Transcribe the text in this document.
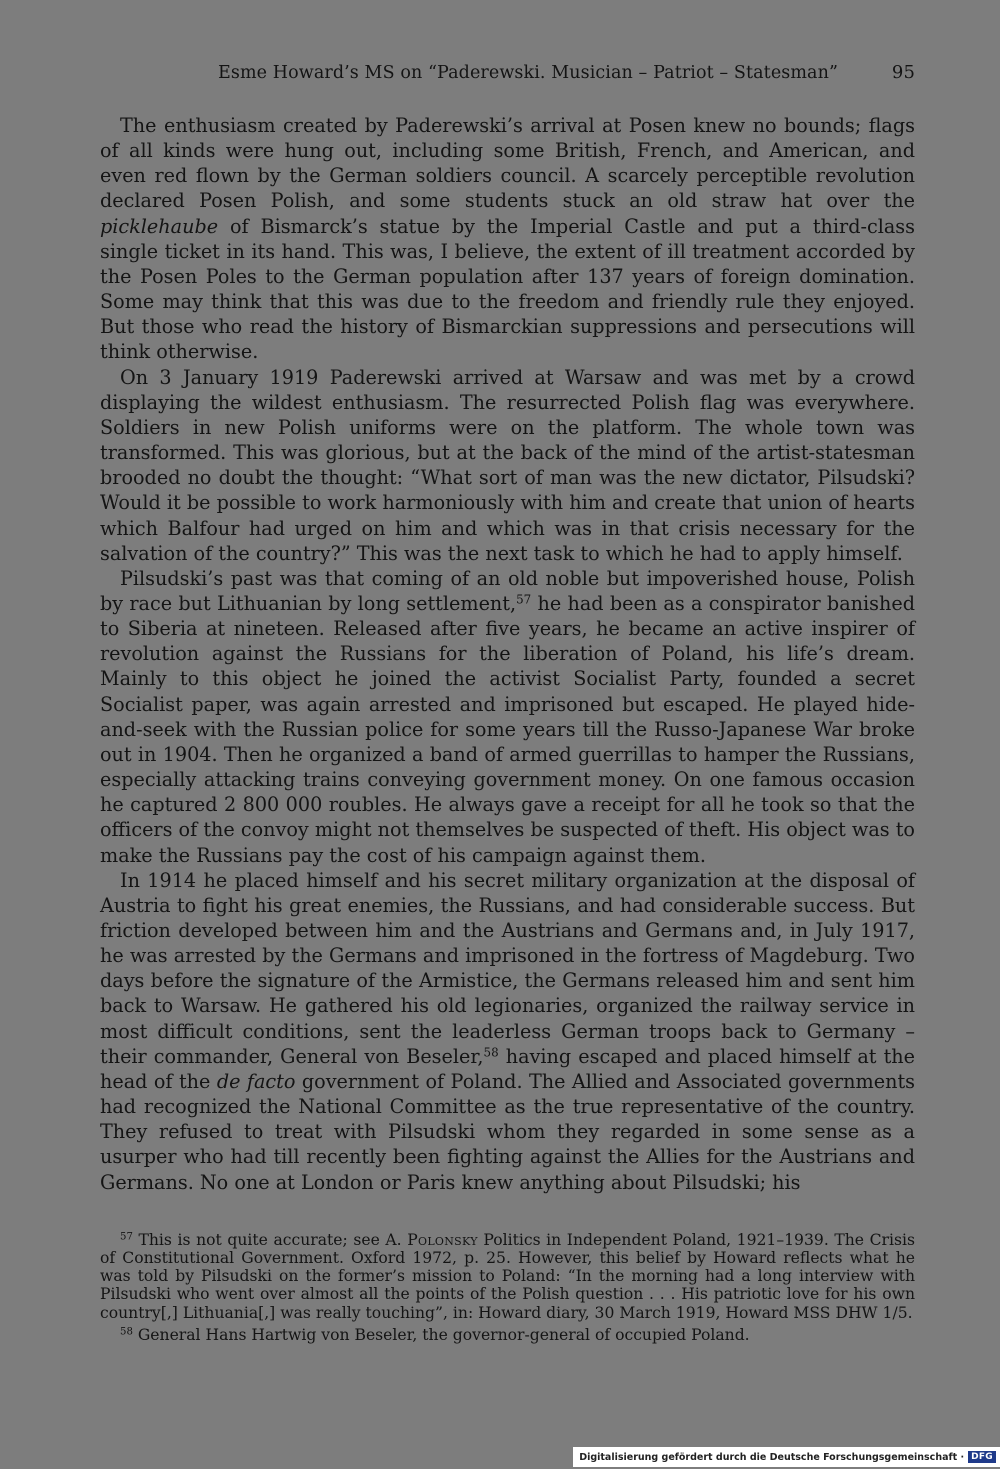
Esme Howard’s MS on “Paderewski. Musician – Patriot – Statesman”	95

The enthusiasm created by Paderewski’s arrival at Posen knew no bounds; flags of all kinds were hung out, including some British, French, and American, and even red flown by the German soldiers council. A scarcely perceptible revolution declared Posen Polish, and some students stuck an old straw hat over the picklehaube of Bismarck’s statue by the Imperial Castle and put a third-class single ticket in its hand. This was, I believe, the extent of ill treatment accorded by the Posen Poles to the German population after 137 years of foreign domination. Some may think that this was due to the freedom and friendly rule they enjoyed. But those who read the history of Bismarckian suppressions and persecutions will think otherwise.

On 3 January 1919 Paderewski arrived at Warsaw and was met by a crowd displaying the wildest enthusiasm. The resurrected Polish flag was everywhere. Soldiers in new Polish uniforms were on the platform. The whole town was transformed. This was glorious, but at the back of the mind of the artist-statesman brooded no doubt the thought: “What sort of man was the new dictator, Pilsudski? Would it be possible to work harmoniously with him and create that union of hearts which Balfour had urged on him and which was in that crisis necessary for the salvation of the country?” This was the next task to which he had to apply himself.

Pilsudski’s past was that coming of an old noble but impoverished house, Polish by race but Lithuanian by long settlement,$^{57}$ he had been as a conspirator banished to Siberia at nineteen. Released after five years, he became an active inspirer of revolution against the Russians for the liberation of Poland, his life’s dream. Mainly to this object he joined the activist Socialist Party, founded a secret Socialist paper, was again arrested and imprisoned but escaped. He played hide-and-seek with the Russian police for some years till the Russo-Japanese War broke out in 1904. Then he organized a band of armed guerrillas to hamper the Russians, especially attacking trains conveying government money. On one famous occasion he captured 2 800 000 roubles. He always gave a receipt for all he took so that the officers of the convoy might not themselves be suspected of theft. His object was to make the Russians pay the cost of his campaign against them.

In 1914 he placed himself and his secret military organization at the disposal of Austria to fight his great enemies, the Russians, and had considerable success. But friction developed between him and the Austrians and Germans and, in July 1917, he was arrested by the Germans and imprisoned in the fortress of Magdeburg. Two days before the signature of the Armistice, the Germans released him and sent him back to Warsaw. He gathered his old legionaries, organized the railway service in most difficult conditions, sent the leaderless German troops back to Germany – their commander, General von Beseler,$^{58}$ having escaped and placed himself at the head of the de facto government of Poland. The Allied and Associated governments had recognized the National Committee as the true representative of the country. They refused to treat with Pilsudski whom they regarded in some sense as a usurper who had till recently been fighting against the Allies for the Austrians and Germans. No one at London or Paris knew anything about Pilsudski; his

$^{57}$ This is not quite accurate; see A. Polonsky Politics in Independent Poland, 1921–1939. The Crisis of Constitutional Government. Oxford 1972, p. 25. However, this belief by Howard reflects what he was told by Pilsudski on the former’s mission to Poland: “In the morning had a long interview with Pilsudski who went over almost all the points of the Polish question . . . His patriotic love for his own country[,] Lithuania[,] was really touching”, in: Howard diary, 30 March 1919, Howard MSS DHW 1/5.

$^{58}$ General Hans Hartwig von Beseler, the governor-general of occupied Poland.

Digitalisierung gefördert durch die Deutsche Forschungsgemeinschaft · DFG
